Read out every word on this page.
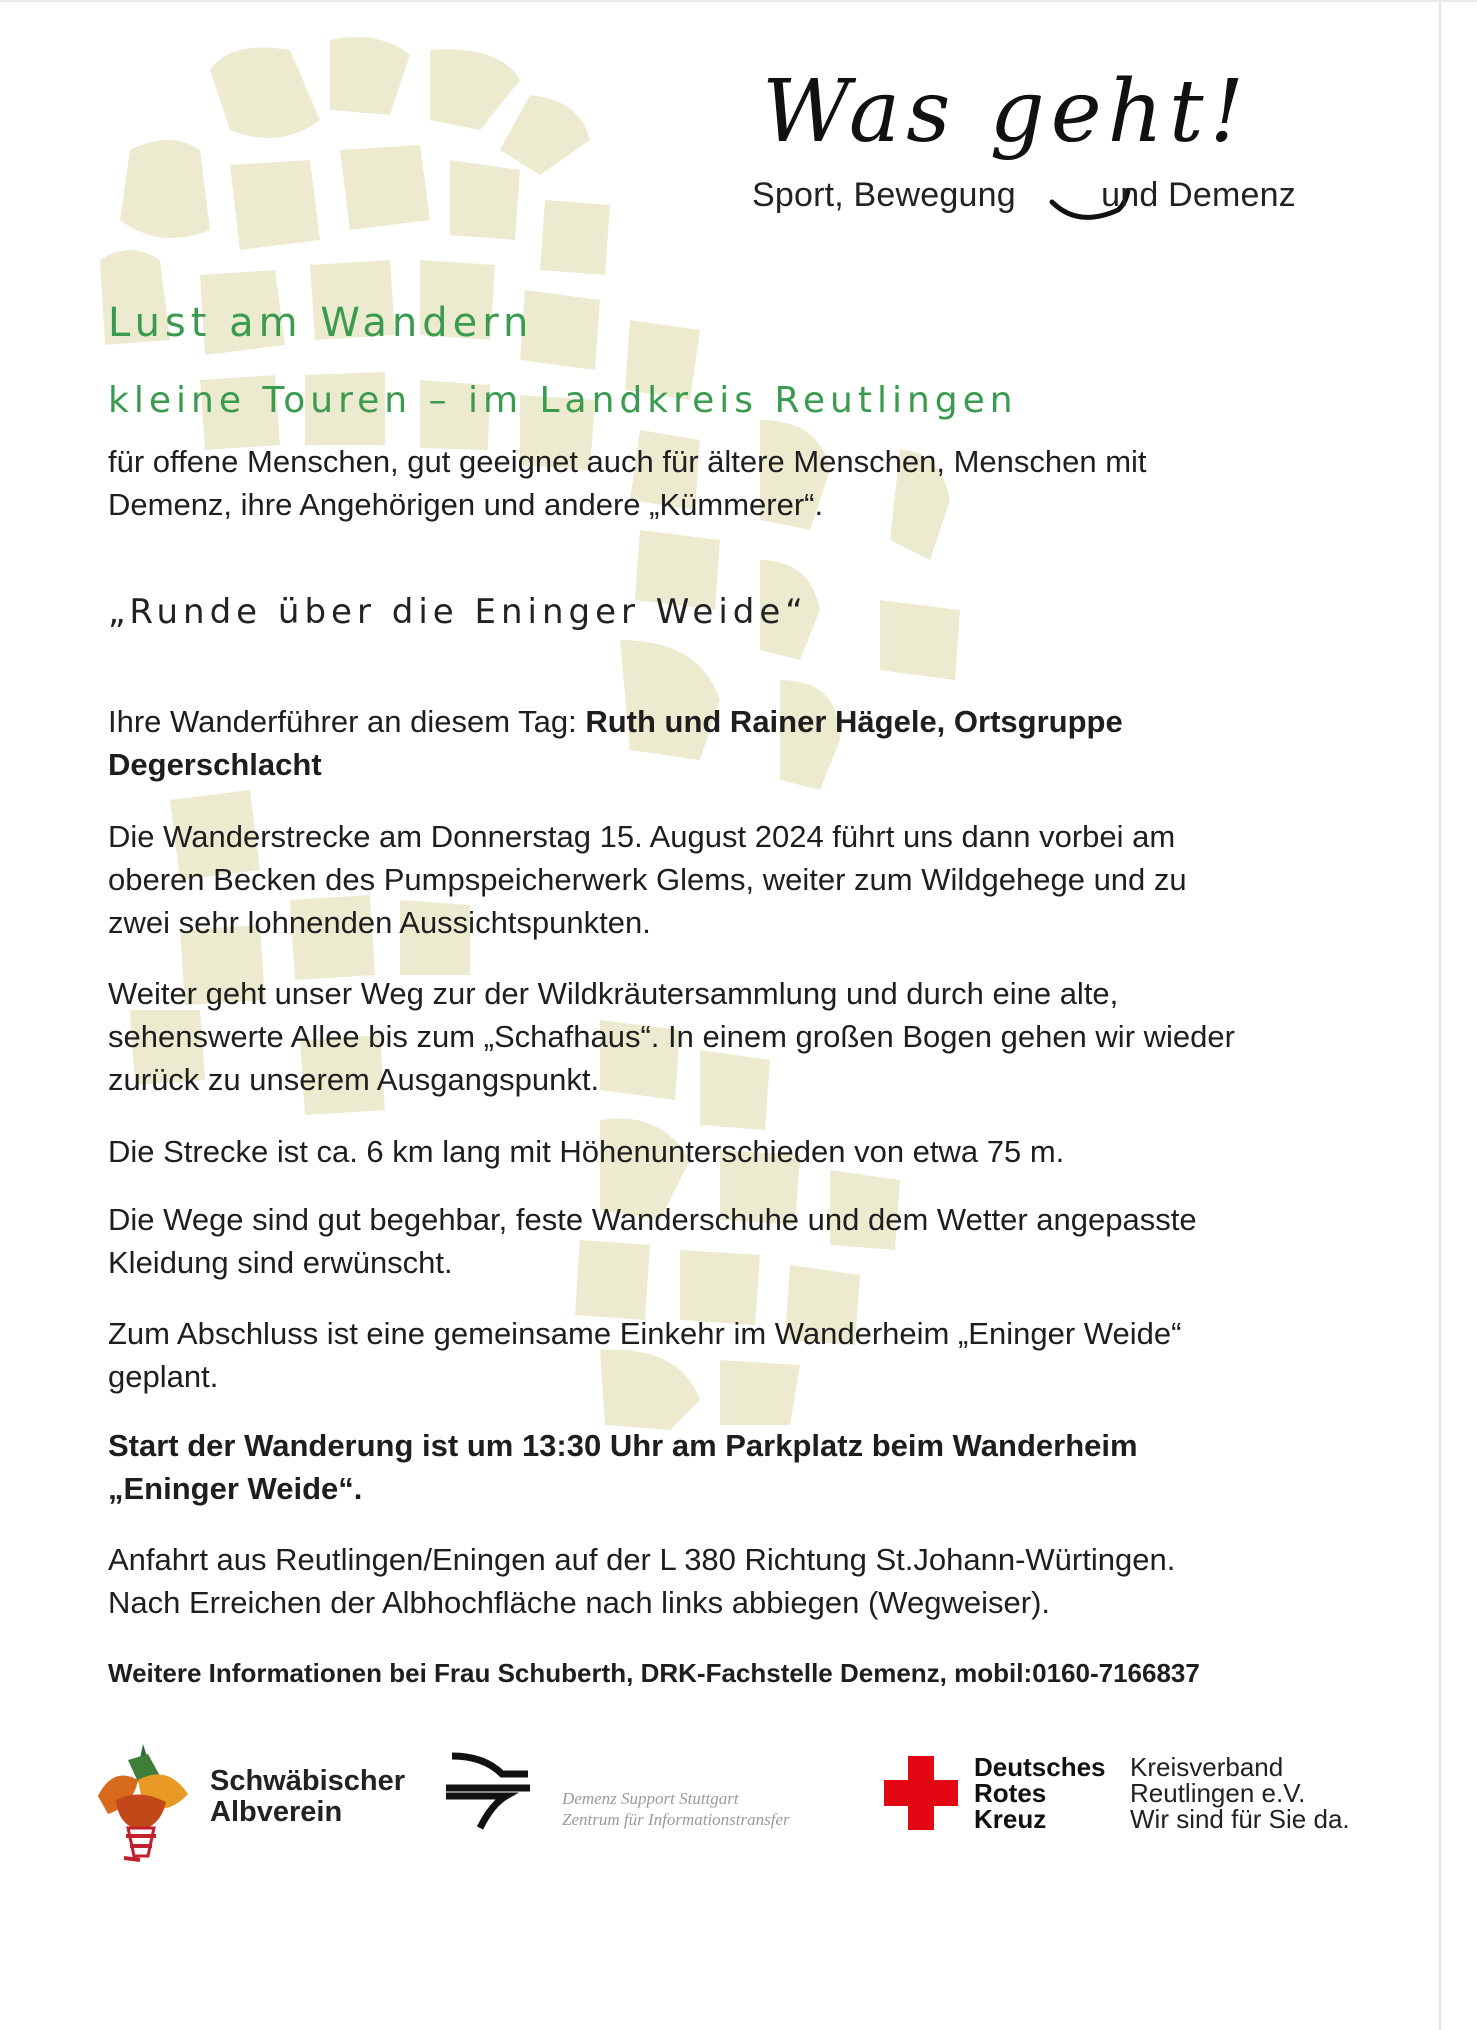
Was geht!
Sport, Bewegung	und Demenz
Lust am Wandern
kleine Touren – im Landkreis Reutlingen
für offene Menschen, gut geeignet auch für ältere Menschen, Menschen mit
Demenz, ihre Angehörigen und andere „Kümmerer“.
„Runde über die Eninger Weide“
Ihre Wanderführer an diesem Tag: Ruth und Rainer Hägele, Ortsgruppe
Degerschlacht
Die Wanderstrecke am Donnerstag 15. August 2024 führt uns dann vorbei am
oberen Becken des Pumpspeicherwerk Glems, weiter zum Wildgehege und zu
zwei sehr lohnenden Aussichtspunkten.
Weiter geht unser Weg zur der Wildkräutersammlung und durch eine alte,
sehenswerte Allee bis zum „Schafhaus“. In einem großen Bogen gehen wir wieder
zurück zu unserem Ausgangspunkt.
Die Strecke ist ca. 6 km lang mit Höhenunterschieden von etwa 75 m.
Die Wege sind gut begehbar, feste Wanderschuhe und dem Wetter angepasste
Kleidung sind erwünscht.
Zum Abschluss ist eine gemeinsame Einkehr im Wanderheim „Eninger Weide“
geplant.
Start der Wanderung ist um 13:30 Uhr am Parkplatz beim Wanderheim
„Eninger Weide“.
Anfahrt aus Reutlingen/Eningen auf der L 380 Richtung St.Johann-Würtingen.
Nach Erreichen der Albhochfläche nach links abbiegen (Wegweiser).
Weitere Informationen bei Frau Schuberth, DRK-Fachstelle Demenz, mobil:0160-7166837
Schwäbischer
Albverein	Demenz Support Stuttgart
Zentrum für Informationstransfer
Deutsches
Rotes
Kreuz
Kreisverband
Reutlingen e.V.
Wir sind für Sie da.
